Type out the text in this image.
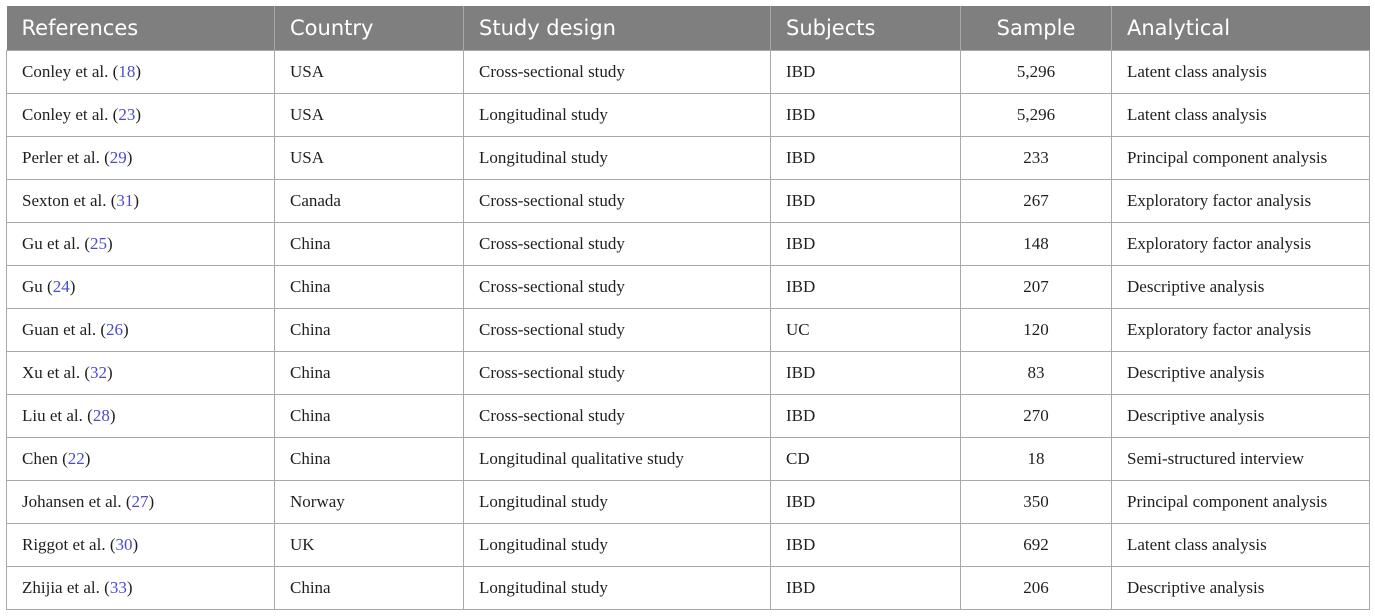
References	Country	Study design	Subjects	Sample	Analytical
Conley et al. (18)	USA	Cross-sectional study	IBD	5,296	Latent class analysis
Conley et al. (23)	USA	Longitudinal study	IBD	5,296	Latent class analysis
Perler et al. (29)	USA	Longitudinal study	IBD	233	Principal component analysis
Sexton et al. (31)	Canada	Cross-sectional study	IBD	267	Exploratory factor analysis
Gu et al. (25)	China	Cross-sectional study	IBD	148	Exploratory factor analysis
Gu (24)	China	Cross-sectional study	IBD	207	Descriptive analysis
Guan et al. (26)	China	Cross-sectional study	UC	120	Exploratory factor analysis
Xu et al. (32)	China	Cross-sectional study	IBD	83	Descriptive analysis
Liu et al. (28)	China	Cross-sectional study	IBD	270	Descriptive analysis
Chen (22)	China	Longitudinal qualitative study	CD	18	Semi-structured interview
Johansen et al. (27)	Norway	Longitudinal study	IBD	350	Principal component analysis
Riggot et al. (30)	UK	Longitudinal study	IBD	692	Latent class analysis
Zhijia et al. (33)	China	Longitudinal study	IBD	206	Descriptive analysis
